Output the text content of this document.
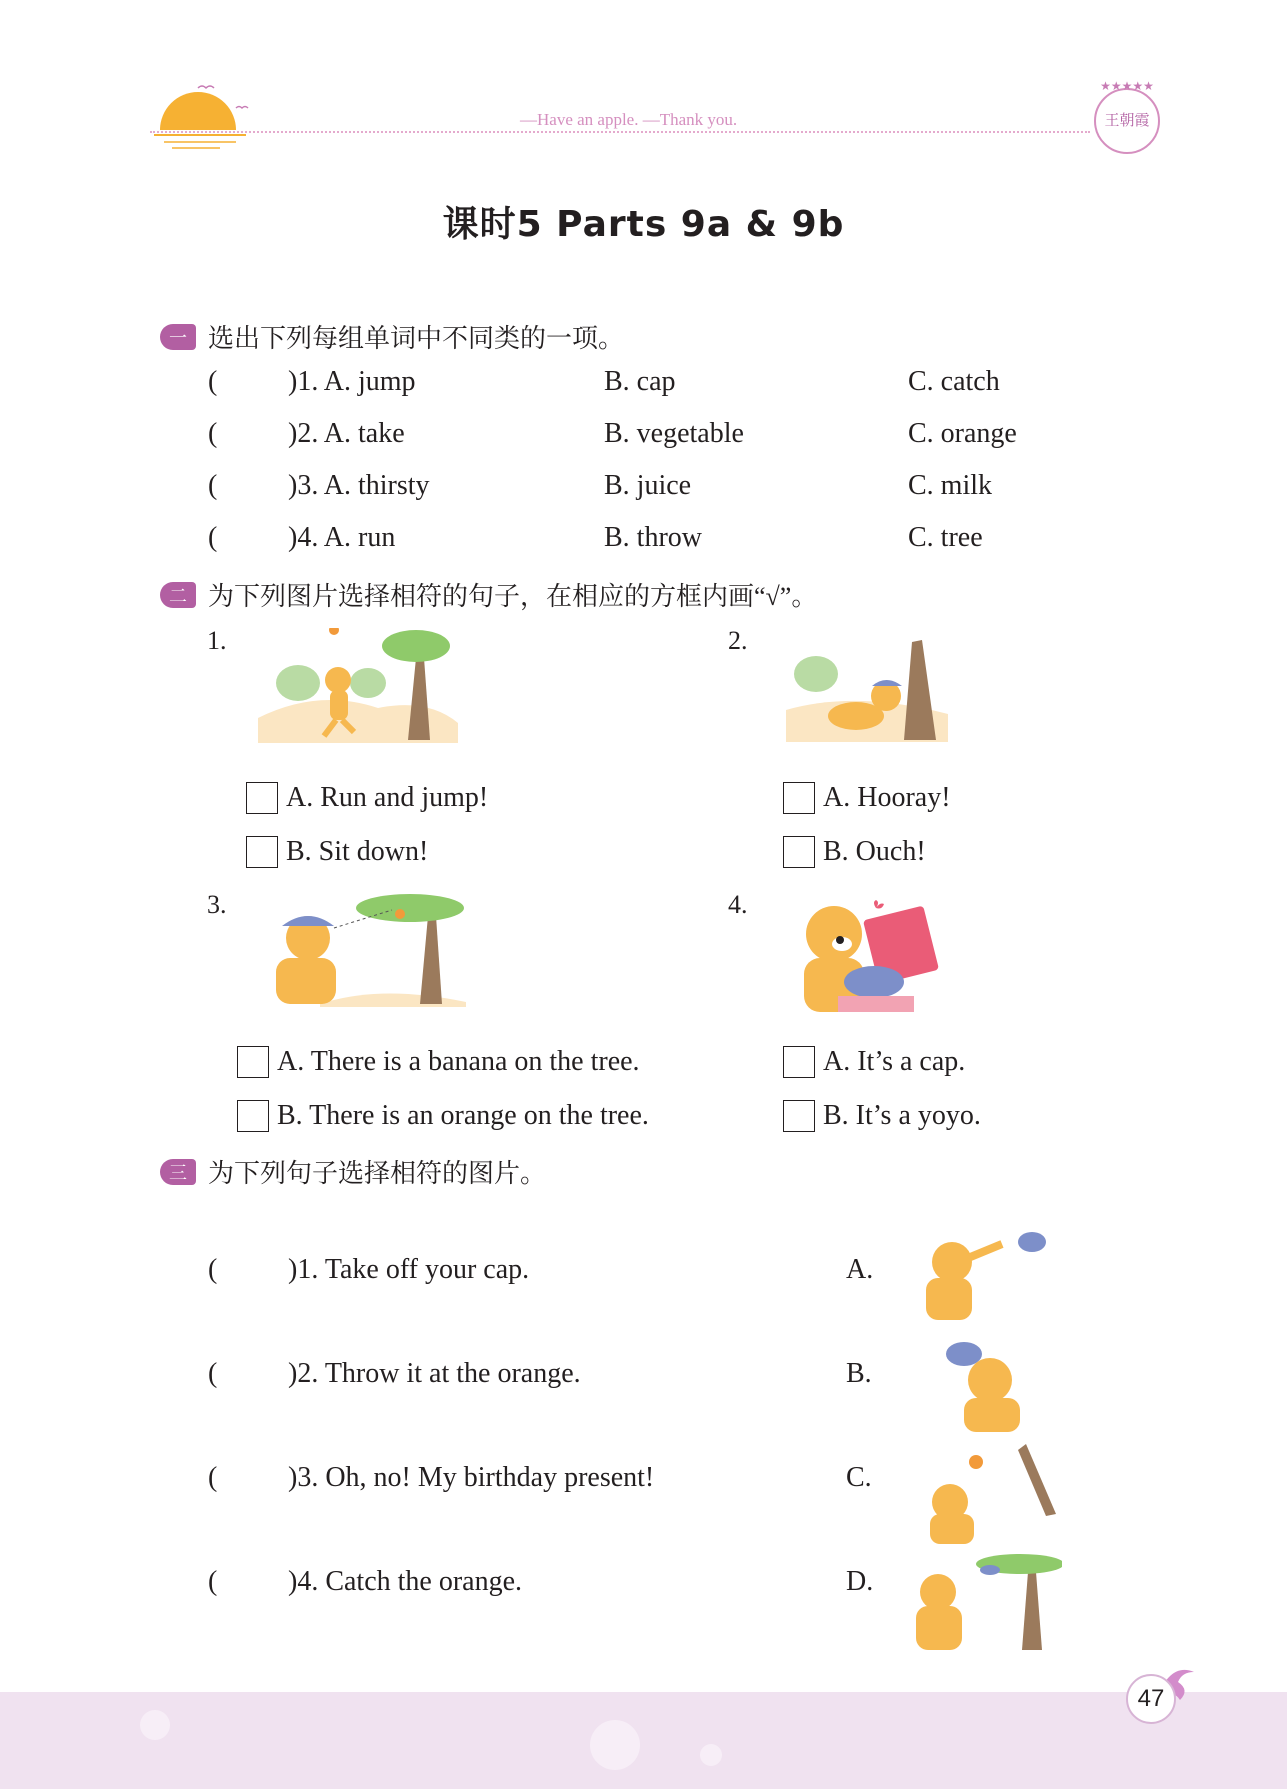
—Have an apple. —Thank you.
★★★★★
王朝霞
课时5 Parts 9a & 9b
一 选出下列每组单词中不同类的一项。
(	)1. A. jump	B. cap	C. catch
(	)2. A. take	B. vegetable	C. orange
(	)3. A. thirsty	B. juice	C. milk
(	)4. A. run	B. throw	C. tree
二 为下列图片选择相符的句子，在相应的方框内画“√”。
1.
A. Run and jump!
B. Sit down!
2.
A. Hooray!
B. Ouch!
3.
A. There is a banana on the tree.
B. There is an orange on the tree.
4.
A. It’s a cap.
B. It’s a yoyo.
三 为下列句子选择相符的图片。
(	)1. Take off your cap.
(	)2. Throw it at the orange.
(	)3. Oh, no! My birthday present!
(	)4. Catch the orange.
A.
B.
C.
D.
47
